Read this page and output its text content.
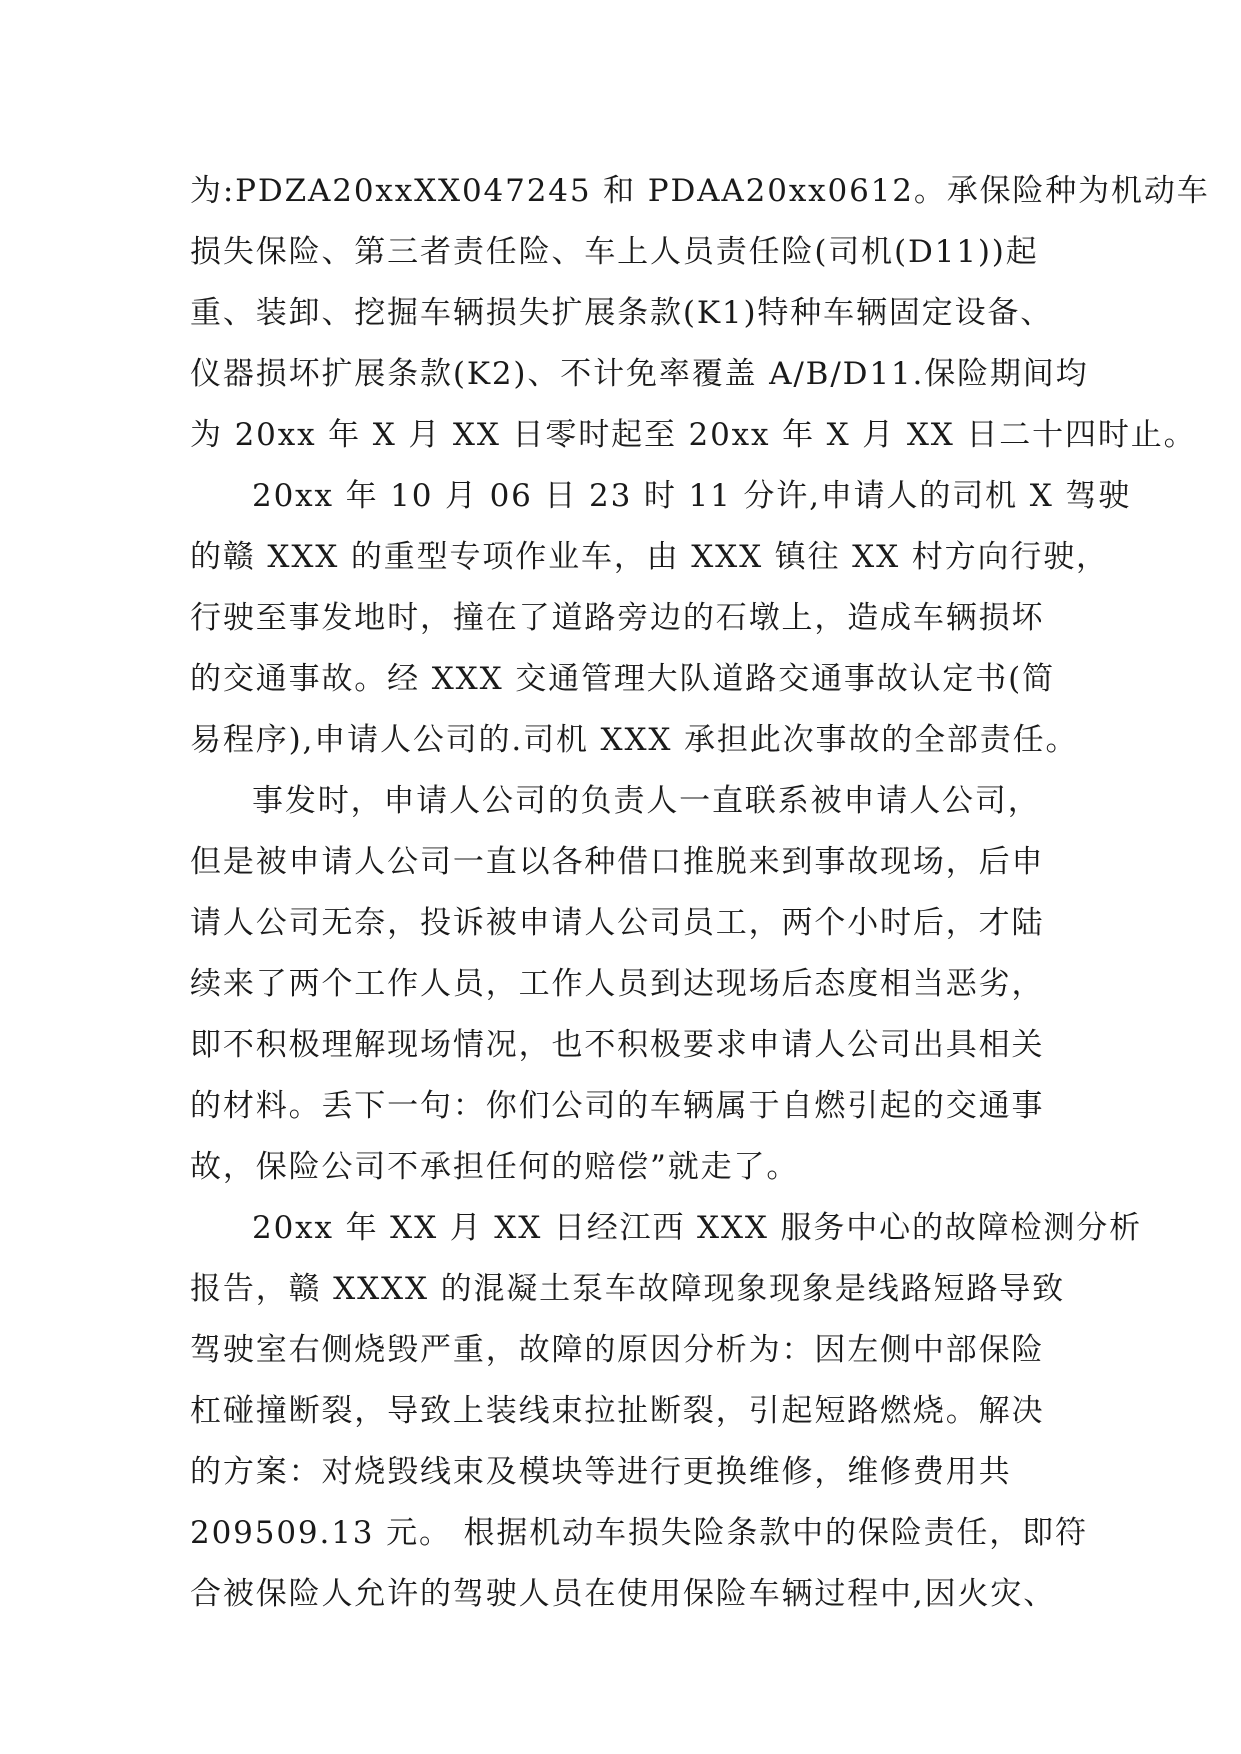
为:PDZA20xxXX047245 和 PDAA20xx0612。承保险种为机动车
损失保险、第三者责任险、车上人员责任险(司机(D11))起
重、装卸、挖掘车辆损失扩展条款(K1)特种车辆固定设备、
仪器损坏扩展条款(K2)、不计免率覆盖 A/B/D11.保险期间均
为 20xx 年 X 月 XX 日零时起至 20xx 年 X 月 XX 日二十四时止。
20xx 年 10 月 06 日 23 时 11 分许,申请人的司机 X 驾驶
的赣 XXX 的重型专项作业车，由 XXX 镇往 XX 村方向行驶，
行驶至事发地时，撞在了道路旁边的石墩上，造成车辆损坏
的交通事故。经 XXX 交通管理大队道路交通事故认定书(简
易程序),申请人公司的.司机 XXX 承担此次事故的全部责任。
事发时，申请人公司的负责人一直联系被申请人公司，
但是被申请人公司一直以各种借口推脱来到事故现场，后申
请人公司无奈，投诉被申请人公司员工，两个小时后，才陆
续来了两个工作人员，工作人员到达现场后态度相当恶劣，
即不积极理解现场情况，也不积极要求申请人公司出具相关
的材料。丢下一句：你们公司的车辆属于自燃引起的交通事
故，保险公司不承担任何的赔偿”就走了。
20xx 年 XX 月 XX 日经江西 XXX 服务中心的故障检测分析
报告，赣 XXXX 的混凝土泵车故障现象现象是线路短路导致
驾驶室右侧烧毁严重，故障的原因分析为：因左侧中部保险
杠碰撞断裂，导致上装线束拉扯断裂，引起短路燃烧。解决
的方案：对烧毁线束及模块等进行更换维修，维修费用共
209509.13 元。 根据机动车损失险条款中的保险责任，即符
合被保险人允许的驾驶人员在使用保险车辆过程中,因火灾、
